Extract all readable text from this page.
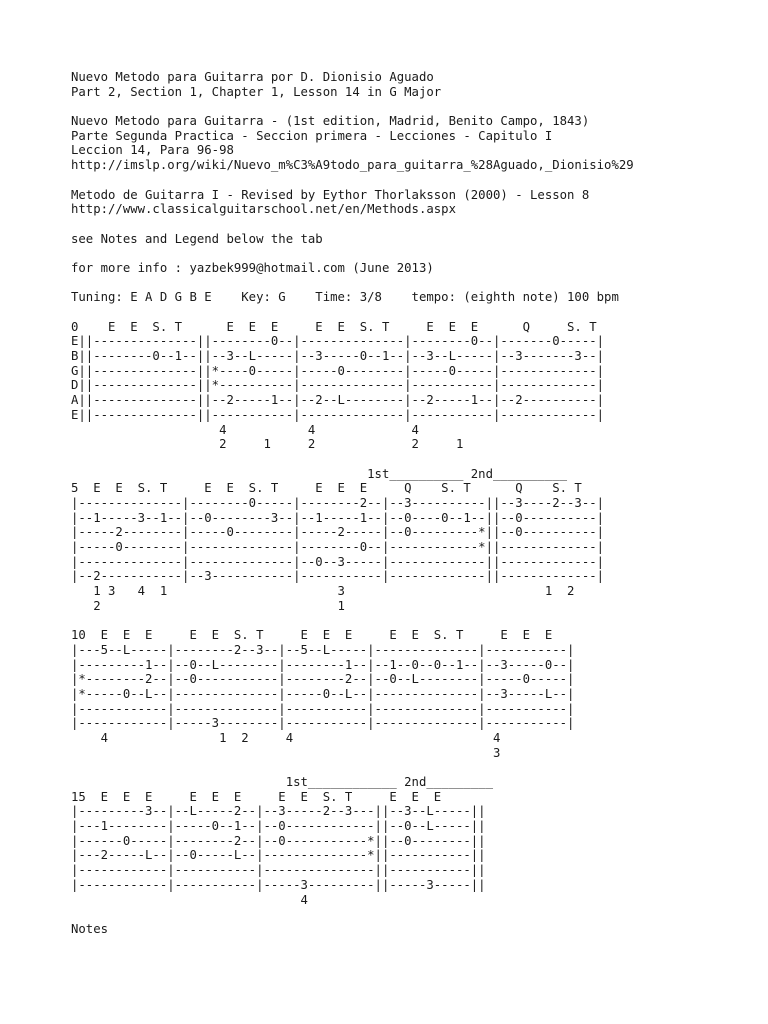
Nuevo Metodo para Guitarra por D. Dionisio Aguado
Part 2, Section 1, Chapter 1, Lesson 14 in G Major
Nuevo Metodo para Guitarra - (1st edition, Madrid, Benito Campo, 1843)
Parte Segunda Practica - Seccion primera - Lecciones - Capitulo I
Leccion 14, Para 96-98
http://imslp.org/wiki/Nuevo_m%C3%A9todo_para_guitarra_%28Aguado,_Dionisio%29
Metodo de Guitarra I - Revised by Eythor Thorlaksson (2000) - Lesson 8
http://www.classicalguitarschool.net/en/Methods.aspx
see Notes and Legend below the tab
for more info : yazbek999@hotmail.com (June 2013)
Tuning: E A D G B E    Key: G    Time: 3/8    tempo: (eighth note) 100 bpm
0    E  E  S. T      E  E  E     E  E  S. T     E  E  E      Q     S. T
E||--------------||--------0--|--------------|--------0--|-------0-----|
B||--------0--1--||--3--L-----|--3-----0--1--|--3--L-----|--3-------3--|
G||--------------||*----0-----|-----0--------|-----0-----|-------------|
D||--------------||*----------|--------------|-----------|-------------|
A||--------------||--2-----1--|--2--L--------|--2-----1--|--2----------|
E||--------------||-----------|--------------|-----------|-------------|
4           4             4
2     1     2             2     1
1st__________ 2nd__________
5  E  E  S. T     E  E  S. T     E  E  E     Q    S. T      Q    S. T
|--------------|--------0-----|--------2--|--3----------||--3----2--3--|
|--1-----3--1--|--0--------3--|--1-----1--|--0----0--1--||--0----------|
|-----2--------|-----0--------|-----2-----|--0---------*||--0----------|
|-----0--------|--------------|--------0--|------------*||-------------|
|--------------|--------------|--0--3-----|-------------||-------------|
|--2-----------|--3-----------|-----------|-------------||-------------|
1 3   4  1                       3                           1  2
2                                1
10  E  E  E     E  E  S. T     E  E  E     E  E  S. T     E  E  E
|---5--L-----|--------2--3--|--5--L-----|--------------|-----------|
|---------1--|--0--L--------|--------1--|--1--0--0--1--|--3-----0--|
|*--------2--|--0-----------|--------2--|--0--L--------|-----0-----|
|*-----0--L--|--------------|-----0--L--|--------------|--3-----L--|
|------------|--------------|-----------|--------------|-----------|
|------------|-----3--------|-----------|--------------|-----------|
4               1  2     4                           4
3
1st____________ 2nd_________
15  E  E  E     E  E  E     E  E  S. T     E  E  E
|---------3--|--L-----2--|--3-----2--3---||--3--L-----||
|---1--------|-----0--1--|--0------------||--0--L-----||
|------0-----|--------2--|--0-----------*||--0--------||
|---2-----L--|--0-----L--|--------------*||-----------||
|------------|-----------|---------------||-----------||
|------------|-----------|-----3---------||-----3-----||
4
Notes
